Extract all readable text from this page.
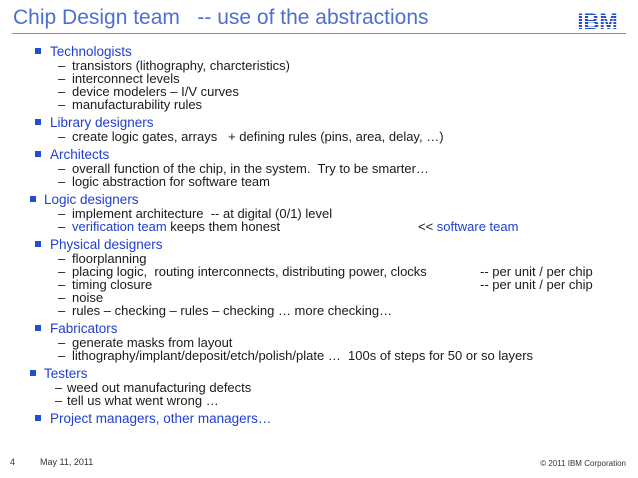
Chip Design team   -- use of the abstractions	IBM
Technologists
– transistors (lithography, charcteristics)
– interconnect levels
– device modelers – I/V curves
– manufacturability rules
Library designers
– create logic gates, arrays   + defining rules (pins, area, delay, …)
Architects
– overall function of the chip, in the system.  Try to be smarter…
– logic abstraction for software team
Logic designers
– implement architecture  -- at digital (0/1) level
– verification team keeps them honest	<< software team
Physical designers
– floorplanning
– placing logic,  routing interconnects, distributing power, clocks	-- per unit / per chip
– timing closure	-- per unit / per chip
– noise
– rules – checking – rules – checking … more checking…
Fabricators
– generate masks from layout
– lithography/implant/deposit/etch/polish/plate …  100s of steps for 50 or so layers
Testers
– weed out manufacturing defects
– tell us what went wrong …
Project managers, other managers…
4	May 11, 2011	© 2011 IBM Corporation
